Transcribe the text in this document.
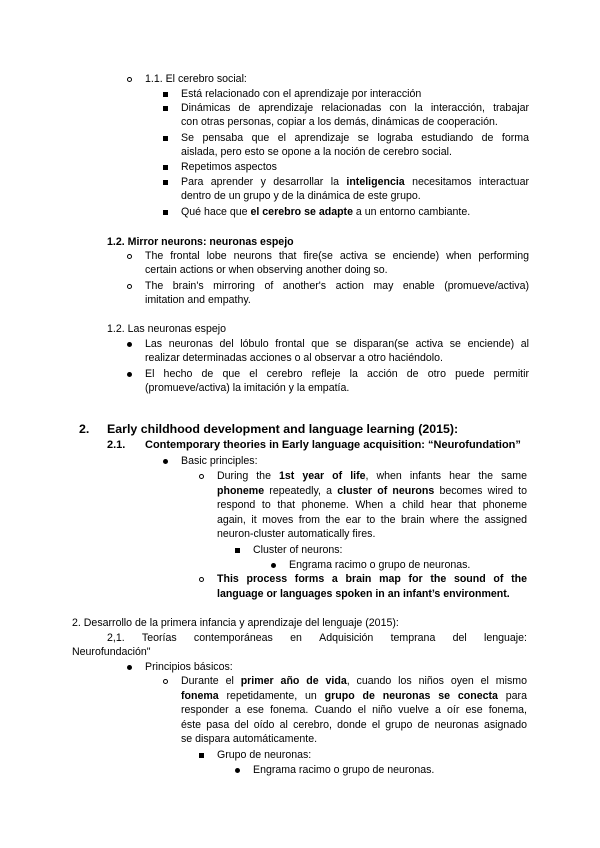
1.1. El cerebro social:
Está relacionado con el aprendizaje por interacción
Dinámicas de aprendizaje relacionadas con la interacción, trabajar
con otras personas, copiar a los demás, dinámicas de cooperación.
Se pensaba que el aprendizaje se lograba estudiando de forma
aislada, pero esto se opone a la noción de cerebro social.
Repetimos aspectos
Para aprender y desarrollar la inteligencia necesitamos interactuar
dentro de un grupo y de la dinámica de este grupo.
Qué hace que el cerebro se adapte a un entorno cambiante.
1.2. Mirror neurons: neuronas espejo
The frontal lobe neurons that fire(se activa se enciende) when performing
certain actions or when observing another doing so.
The brain's mirroring of another's action may enable (promueve/activa)
imitation and empathy.
1.2. Las neuronas espejo
Las neuronas del lóbulo frontal que se disparan(se activa se enciende) al
realizar determinadas acciones o al observar a otro haciéndolo.
El hecho de que el cerebro refleje la acción de otro puede permitir
(promueve/activa) la imitación y la empatía.
2. Early childhood development and language learning (2015):
2.1. Contemporary theories in Early language acquisition: “Neurofundation”
Basic principles:
During the 1st year of life, when infants hear the same
phoneme repeatedly, a cluster of neurons becomes wired to
respond to that phoneme. When a child hear that phoneme
again, it moves from the ear to the brain where the assigned
neuron-cluster automatically fires.
Cluster of neurons:
Engrama racimo o grupo de neuronas.
This process forms a brain map for the sound of the
language or languages spoken in an infant’s environment.
2. Desarrollo de la primera infancia y aprendizaje del lenguaje (2015):
2,1. Teorías contemporáneas en Adquisición temprana del lenguaje:
Neurofundación"
Principios básicos:
Durante el primer año de vida, cuando los niños oyen el mismo
fonema repetidamente, un grupo de neuronas se conecta para
responder a ese fonema. Cuando el niño vuelve a oír ese fonema,
éste pasa del oído al cerebro, donde el grupo de neuronas asignado
se dispara automáticamente.
Grupo de neuronas:
Engrama racimo o grupo de neuronas.
